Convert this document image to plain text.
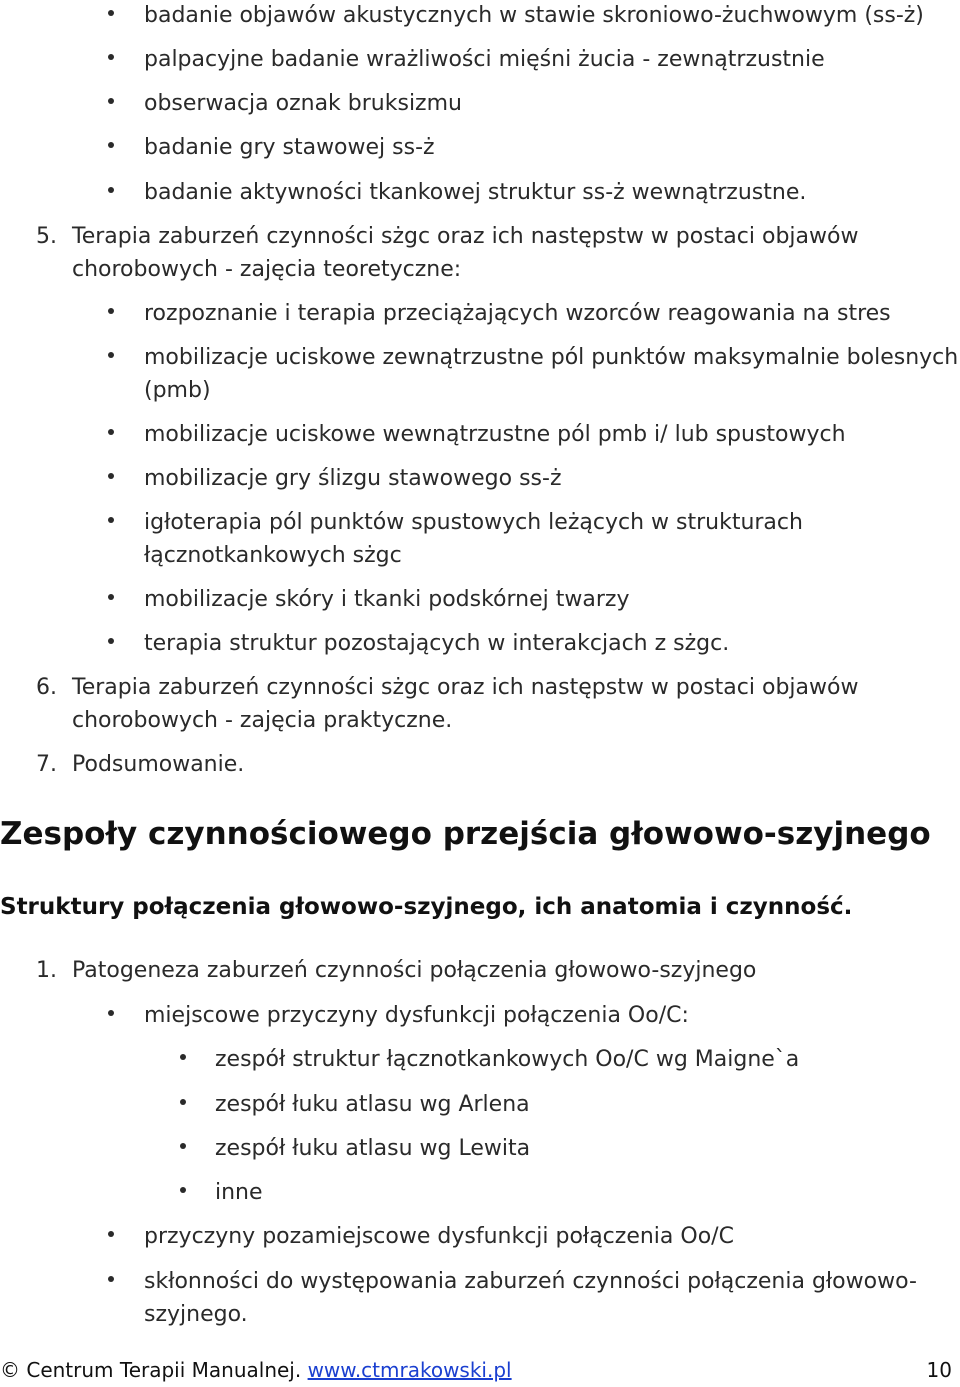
badanie objawów akustycznych w stawie skroniowo-żuchwowym (ss-ż)
palpacyjne badanie wrażliwości mięśni żucia - zewnątrzustnie
obserwacja oznak bruksizmu
badanie gry stawowej ss-ż
badanie aktywności tkankowej struktur ss-ż wewnątrzustne.
5. Terapia zaburzeń czynności sżgc oraz ich następstw w postaci objawów
chorobowych - zajęcia teoretyczne:
rozpoznanie i terapia przeciążających wzorców reagowania na stres
mobilizacje uciskowe zewnątrzustne pól punktów maksymalnie bolesnych
(pmb)
mobilizacje uciskowe wewnątrzustne pól pmb i/ lub spustowych
mobilizacje gry ślizgu stawowego ss-ż
igłoterapia pól punktów spustowych leżących w strukturach
łącznotkankowych sżgc
mobilizacje skóry i tkanki podskórnej twarzy
terapia struktur pozostających w interakcjach z sżgc.
6. Terapia zaburzeń czynności sżgc oraz ich następstw w postaci objawów
chorobowych - zajęcia praktyczne.
7. Podsumowanie.
Zespoły czynnościowego przejścia głowowo-szyjnego
Struktury połączenia głowowo-szyjnego, ich anatomia i czynność.
1. Patogeneza zaburzeń czynności połączenia głowowo-szyjnego
miejscowe przyczyny dysfunkcji połączenia Oo/C:
zespół struktur łącznotkankowych Oo/C wg Maigne`a
zespół łuku atlasu wg Arlena
zespół łuku atlasu wg Lewita
inne
przyczyny pozamiejscowe dysfunkcji połączenia Oo/C
skłonności do występowania zaburzeń czynności połączenia głowowo-
szyjnego.
© Centrum Terapii Manualnej. www.ctmrakowski.pl	10
